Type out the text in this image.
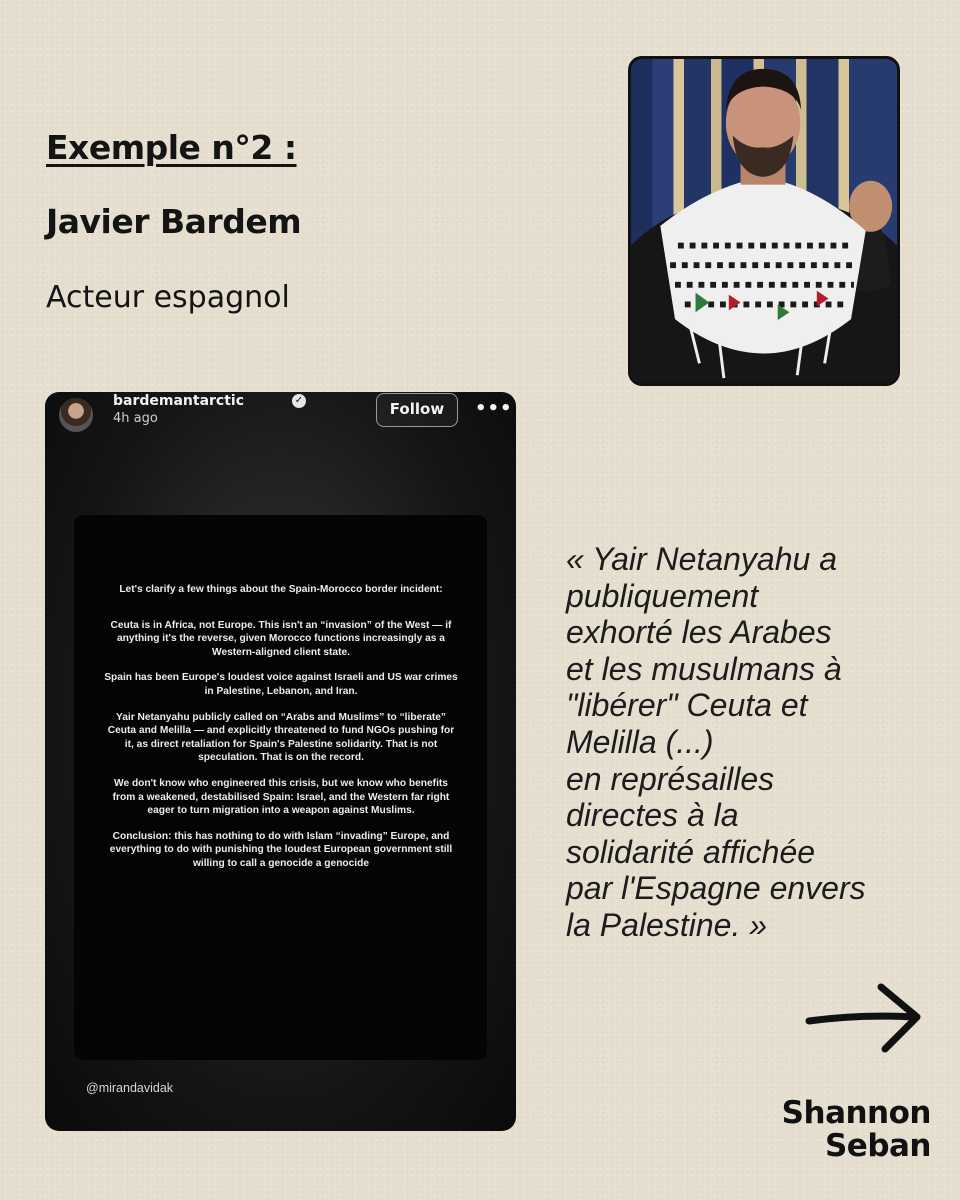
Exemple n°2 :
Javier Bardem
Acteur espagnol
bardemantarctic	✓
4h ago
Follow	•••

Let's clarify a few things about the Spain-Morocco border incident:

Ceuta is in Africa, not Europe. This isn't an “invasion” of the West — if anything it's the reverse, given Morocco functions increasingly as a Western-aligned client state.

Spain has been Europe's loudest voice against Israeli and US war crimes in Palestine, Lebanon, and Iran.

Yair Netanyahu publicly called on “Arabs and Muslims” to “liberate” Ceuta and Melilla — and explicitly threatened to fund NGOs pushing for it, as direct retaliation for Spain's Palestine solidarity. That is not speculation. That is on the record.

We don't know who engineered this crisis, but we know who benefits from a weakened, destabilised Spain: Israel, and the Western far right eager to turn migration into a weapon against Muslims.

Conclusion: this has nothing to do with Islam “invading” Europe, and everything to do with punishing the loudest European government still willing to call a genocide a genocide

@mirandavidak
« Yair Netanyahu a
publiquement
exhorté les Arabes
et les musulmans à
"libérer" Ceuta et
Melilla (...)
en représailles
directes à la
solidarité affichée
par l'Espagne envers
la Palestine. »
Shannon
Seban
